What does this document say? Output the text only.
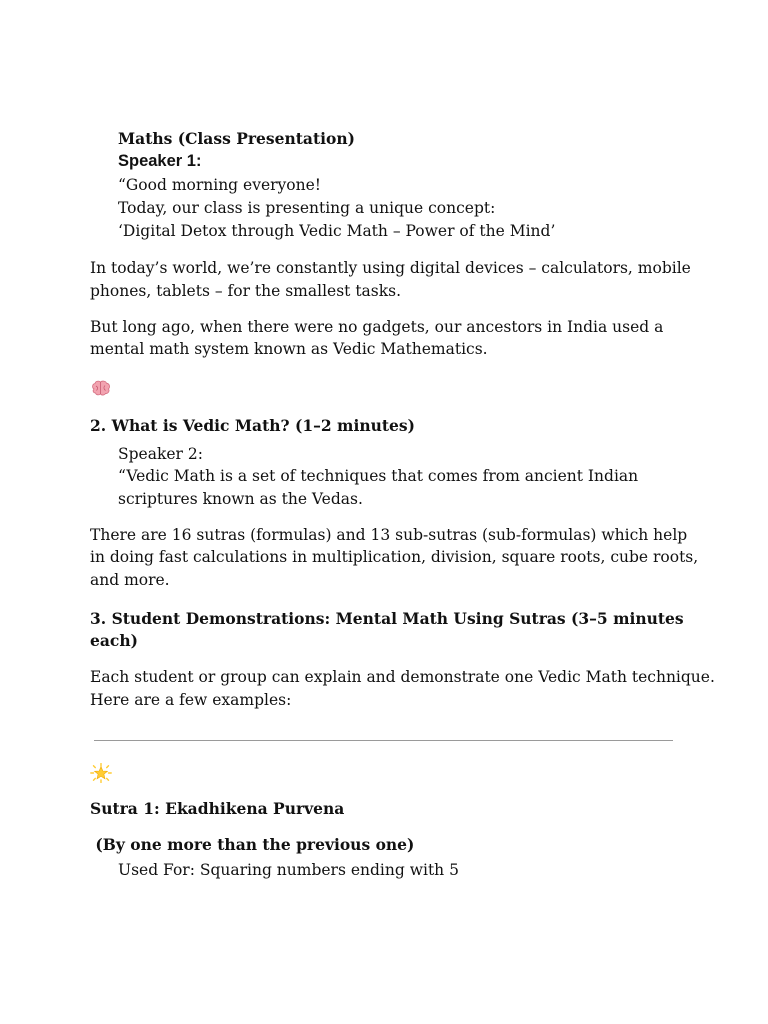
Maths (Class Presentation)
Speaker 1:
“Good morning everyone!
Today, our class is presenting a unique concept:
‘Digital Detox through Vedic Math – Power of the Mind’
In today’s world, we’re constantly using digital devices – calculators, mobile
phones, tablets – for the smallest tasks.
But long ago, when there were no gadgets, our ancestors in India used a
mental math system known as Vedic Mathematics.
2. What is Vedic Math? (1–2 minutes)
Speaker 2:
“Vedic Math is a set of techniques that comes from ancient Indian
scriptures known as the Vedas.
There are 16 sutras (formulas) and 13 sub-sutras (sub-formulas) which help
in doing fast calculations in multiplication, division, square roots, cube roots,
and more.
3. Student Demonstrations: Mental Math Using Sutras (3–5 minutes
each)
Each student or group can explain and demonstrate one Vedic Math technique.
Here are a few examples:
Sutra 1: Ekadhikena Purvena
(By one more than the previous one)
Used For: Squaring numbers ending with 5
